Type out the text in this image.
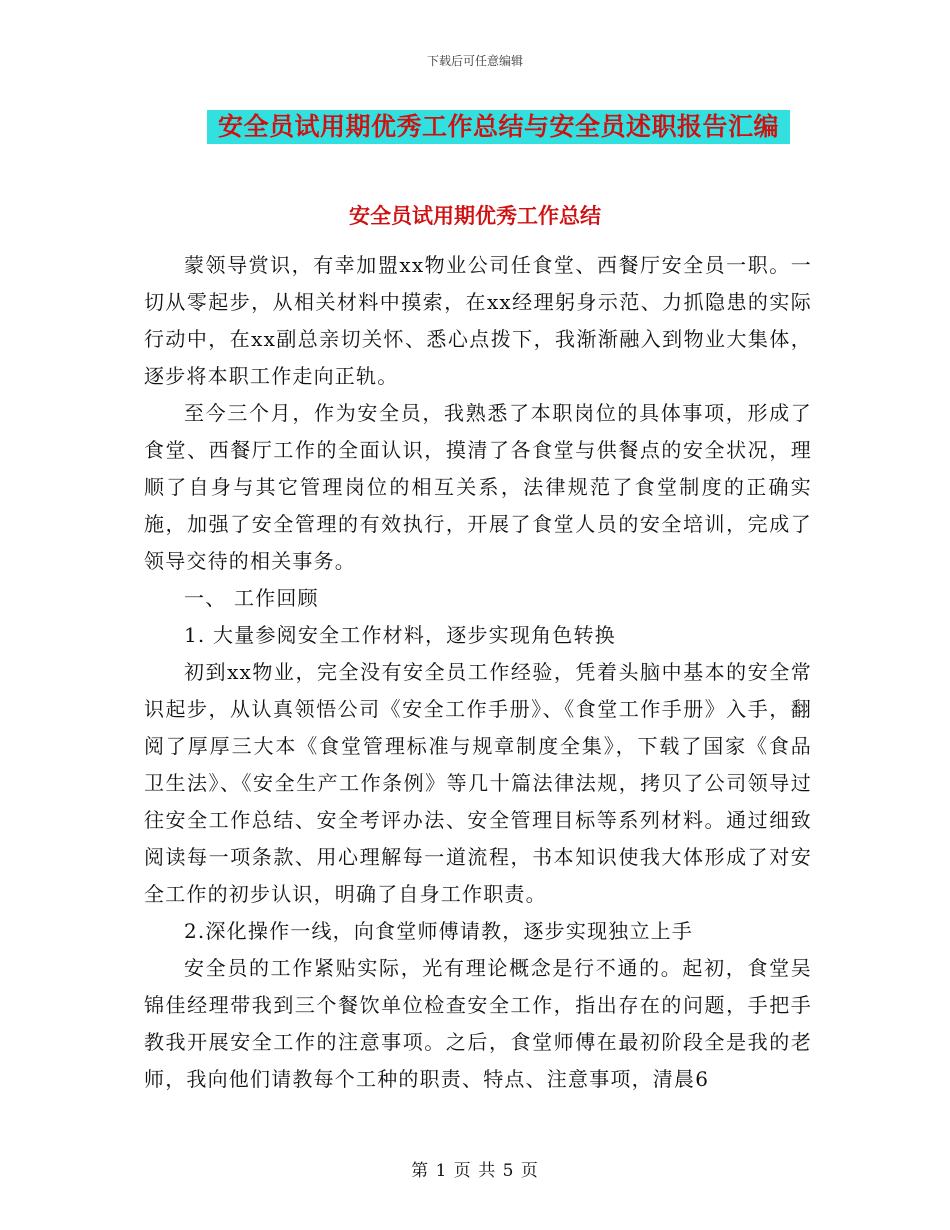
下载后可任意编辑
安全员试用期优秀工作总结与安全员述职报告汇编
安全员试用期优秀工作总结

蒙领导赏识，有幸加盟xx物业公司任食堂、西餐厅安全员一职。一切从零起步，从相关材料中摸索，在xx经理躬身示范、力抓隐患的实际行动中，在xx副总亲切关怀、悉心点拨下，我渐渐融入到物业大集体，逐步将本职工作走向正轨。

至今三个月，作为安全员，我熟悉了本职岗位的具体事项，形成了食堂、西餐厅工作的全面认识，摸清了各食堂与供餐点的安全状况，理顺了自身与其它管理岗位的相互关系，法律规范了食堂制度的正确实施，加强了安全管理的有效执行，开展了食堂人员的安全培训，完成了领导交待的相关事务。

一、 工作回顾

1. 大量参阅安全工作材料，逐步实现角色转换

初到xx物业，完全没有安全员工作经验，凭着头脑中基本的安全常识起步，从认真领悟公司《安全工作手册》、《食堂工作手册》入手，翻阅了厚厚三大本《食堂管理标准与规章制度全集》，下载了国家《食品卫生法》、《安全生产工作条例》等几十篇法律法规，拷贝了公司领导过往安全工作总结、安全考评办法、安全管理目标等系列材料。通过细致阅读每一项条款、用心理解每一道流程，书本知识使我大体形成了对安全工作的初步认识，明确了自身工作职责。

2.深化操作一线，向食堂师傅请教，逐步实现独立上手

安全员的工作紧贴实际，光有理论概念是行不通的。起初，食堂吴锦佳经理带我到三个餐饮单位检查安全工作，指出存在的问题，手把手教我开展安全工作的注意事项。之后，食堂师傅在最初阶段全是我的老师，我向他们请教每个工种的职责、特点、注意事项，清晨6

第 1 页 共 5 页
